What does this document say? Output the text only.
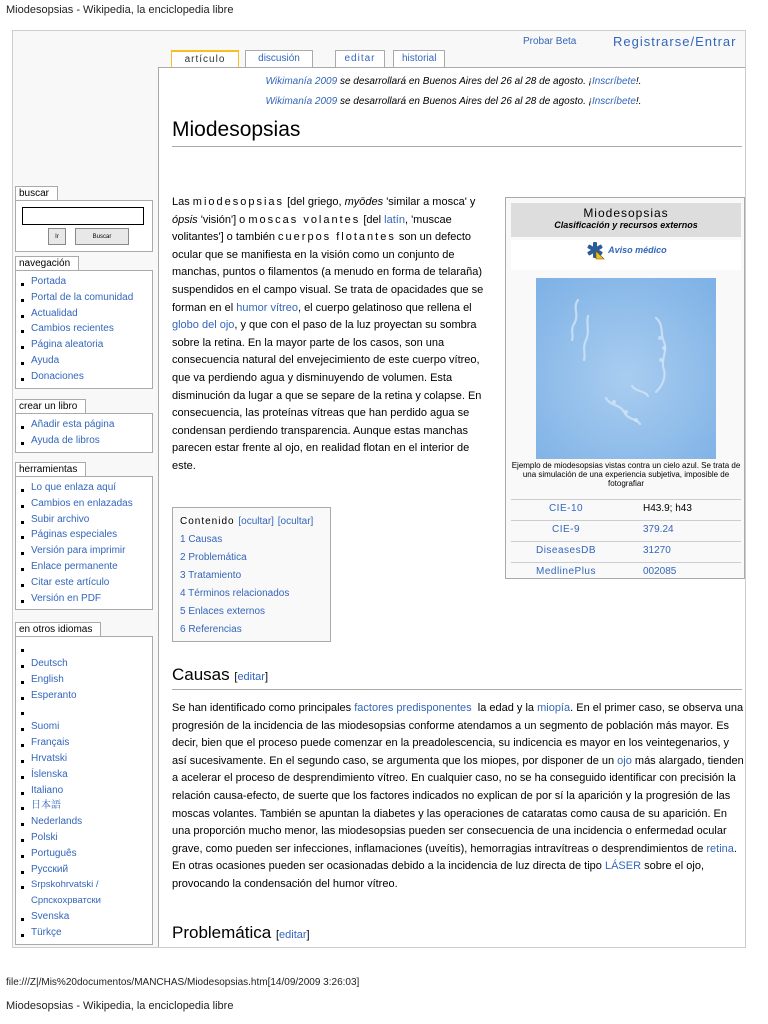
Miodesopsias - Wikipedia, la enciclopedia libre
Probar Beta	Registrarse/Entrar
artículo	discusión	editar	historial
buscar
Ir	Buscar
navegación
Portada
Portal de la comunidad
Actualidad
Cambios recientes
Página aleatoria
Ayuda
Donaciones
crear un libro
Añadir esta página
Ayuda de libros
herramientas
Lo que enlaza aquí
Cambios en enlazadas
Subir archivo
Páginas especiales
Versión para imprimir
Enlace permanente
Citar este artículo
Versión en PDF
en otros idiomas
Deutsch
English
Esperanto
Suomi
Français
Hrvatski
Íslenska
Italiano
日本語
Nederlands
Polski
Português
Русский
Srpskohrvatski / Српскохрватски
Svenska
Türkçe
Wikimanía 2009 se desarrollará en Buenos Aires del 26 al 28 de agosto. ¡Inscríbete!.
Wikimanía 2009 se desarrollará en Buenos Aires del 26 al 28 de agosto. ¡Inscríbete!.
Miodesopsias
Las miodesopsias [del griego, myōdes 'similar a mosca' y ópsis 'visión'] o moscas volantes [del latín, 'muscae volitantes'] o también cuerpos flotantes son un defecto ocular que se manifiesta en la visión como un conjunto de manchas, puntos o filamentos (a menudo en forma de telaraña) suspendidos en el campo visual. Se trata de opacidades que se forman en el humor vítreo, el cuerpo gelatinoso que rellena el globo del ojo, y que con el paso de la luz proyectan su sombra sobre la retina. En la mayor parte de los casos, son una consecuencia natural del envejecimiento de este cuerpo vítreo, que va perdiendo agua y disminuyendo de volumen. Esta disminución da lugar a que se separe de la retina y colapse. En consecuencia, las proteínas vítreas que han perdido agua se condensan perdiendo transparencia. Aunque estas manchas parecen estar frente al ojo, en realidad flotan en el interior de este.
Miodesopsias
Clasificación y recursos externos
Aviso médico
Ejemplo de miodesopsias vistas contra un cielo azul. Se trata de una simulación de una experiencia subjetiva, imposible de fotografiar
CIE-10	H43.9; h43
CIE-9	379.24
DiseasesDB	31270
MedlinePlus	002085
Contenido [ocultar] [ocultar]
1 Causas
2 Problemática
3 Tratamiento
4 Términos relacionados
5 Enlaces externos
6 Referencias
Causas [editar]
Se han identificado como principales factores predisponentes  la edad y la miopía. En el primer caso, se observa una progresión de la incidencia de las miodesopsias conforme atendamos a un segmento de población más mayor. Es decir, bien que el proceso puede comenzar en la preadolescencia, su indicencia es mayor en los veintegenarios, y así sucesivamente. En el segundo caso, se argumenta que los miopes, por disponer de un ojo más alargado, tienden a acelerar el proceso de desprendimiento vítreo. En cualquier caso, no se ha conseguido identificar con precisión la relación causa-efecto, de suerte que los factores indicados no explican de por sí la aparición y la progresión de las moscas volantes. También se apuntan la diabetes y las operaciones de cataratas como causa de su aparición. En una proporción mucho menor, las miodesopsias pueden ser consecuencia de una incidencia o enfermedad ocular grave, como pueden ser infecciones, inflamaciones (uveítis), hemorragias intravítreas o desprendimientos de retina. En otras ocasiones pueden ser ocasionadas debido a la incidencia de luz directa de tipo LÁSER sobre el ojo, provocando la condensación del humor vítreo.
Problemática [editar]
file:///Z|/Mis%20documentos/MANCHAS/Miodesopsias.htm[14/09/2009 3:26:03]
Miodesopsias - Wikipedia, la enciclopedia libre
